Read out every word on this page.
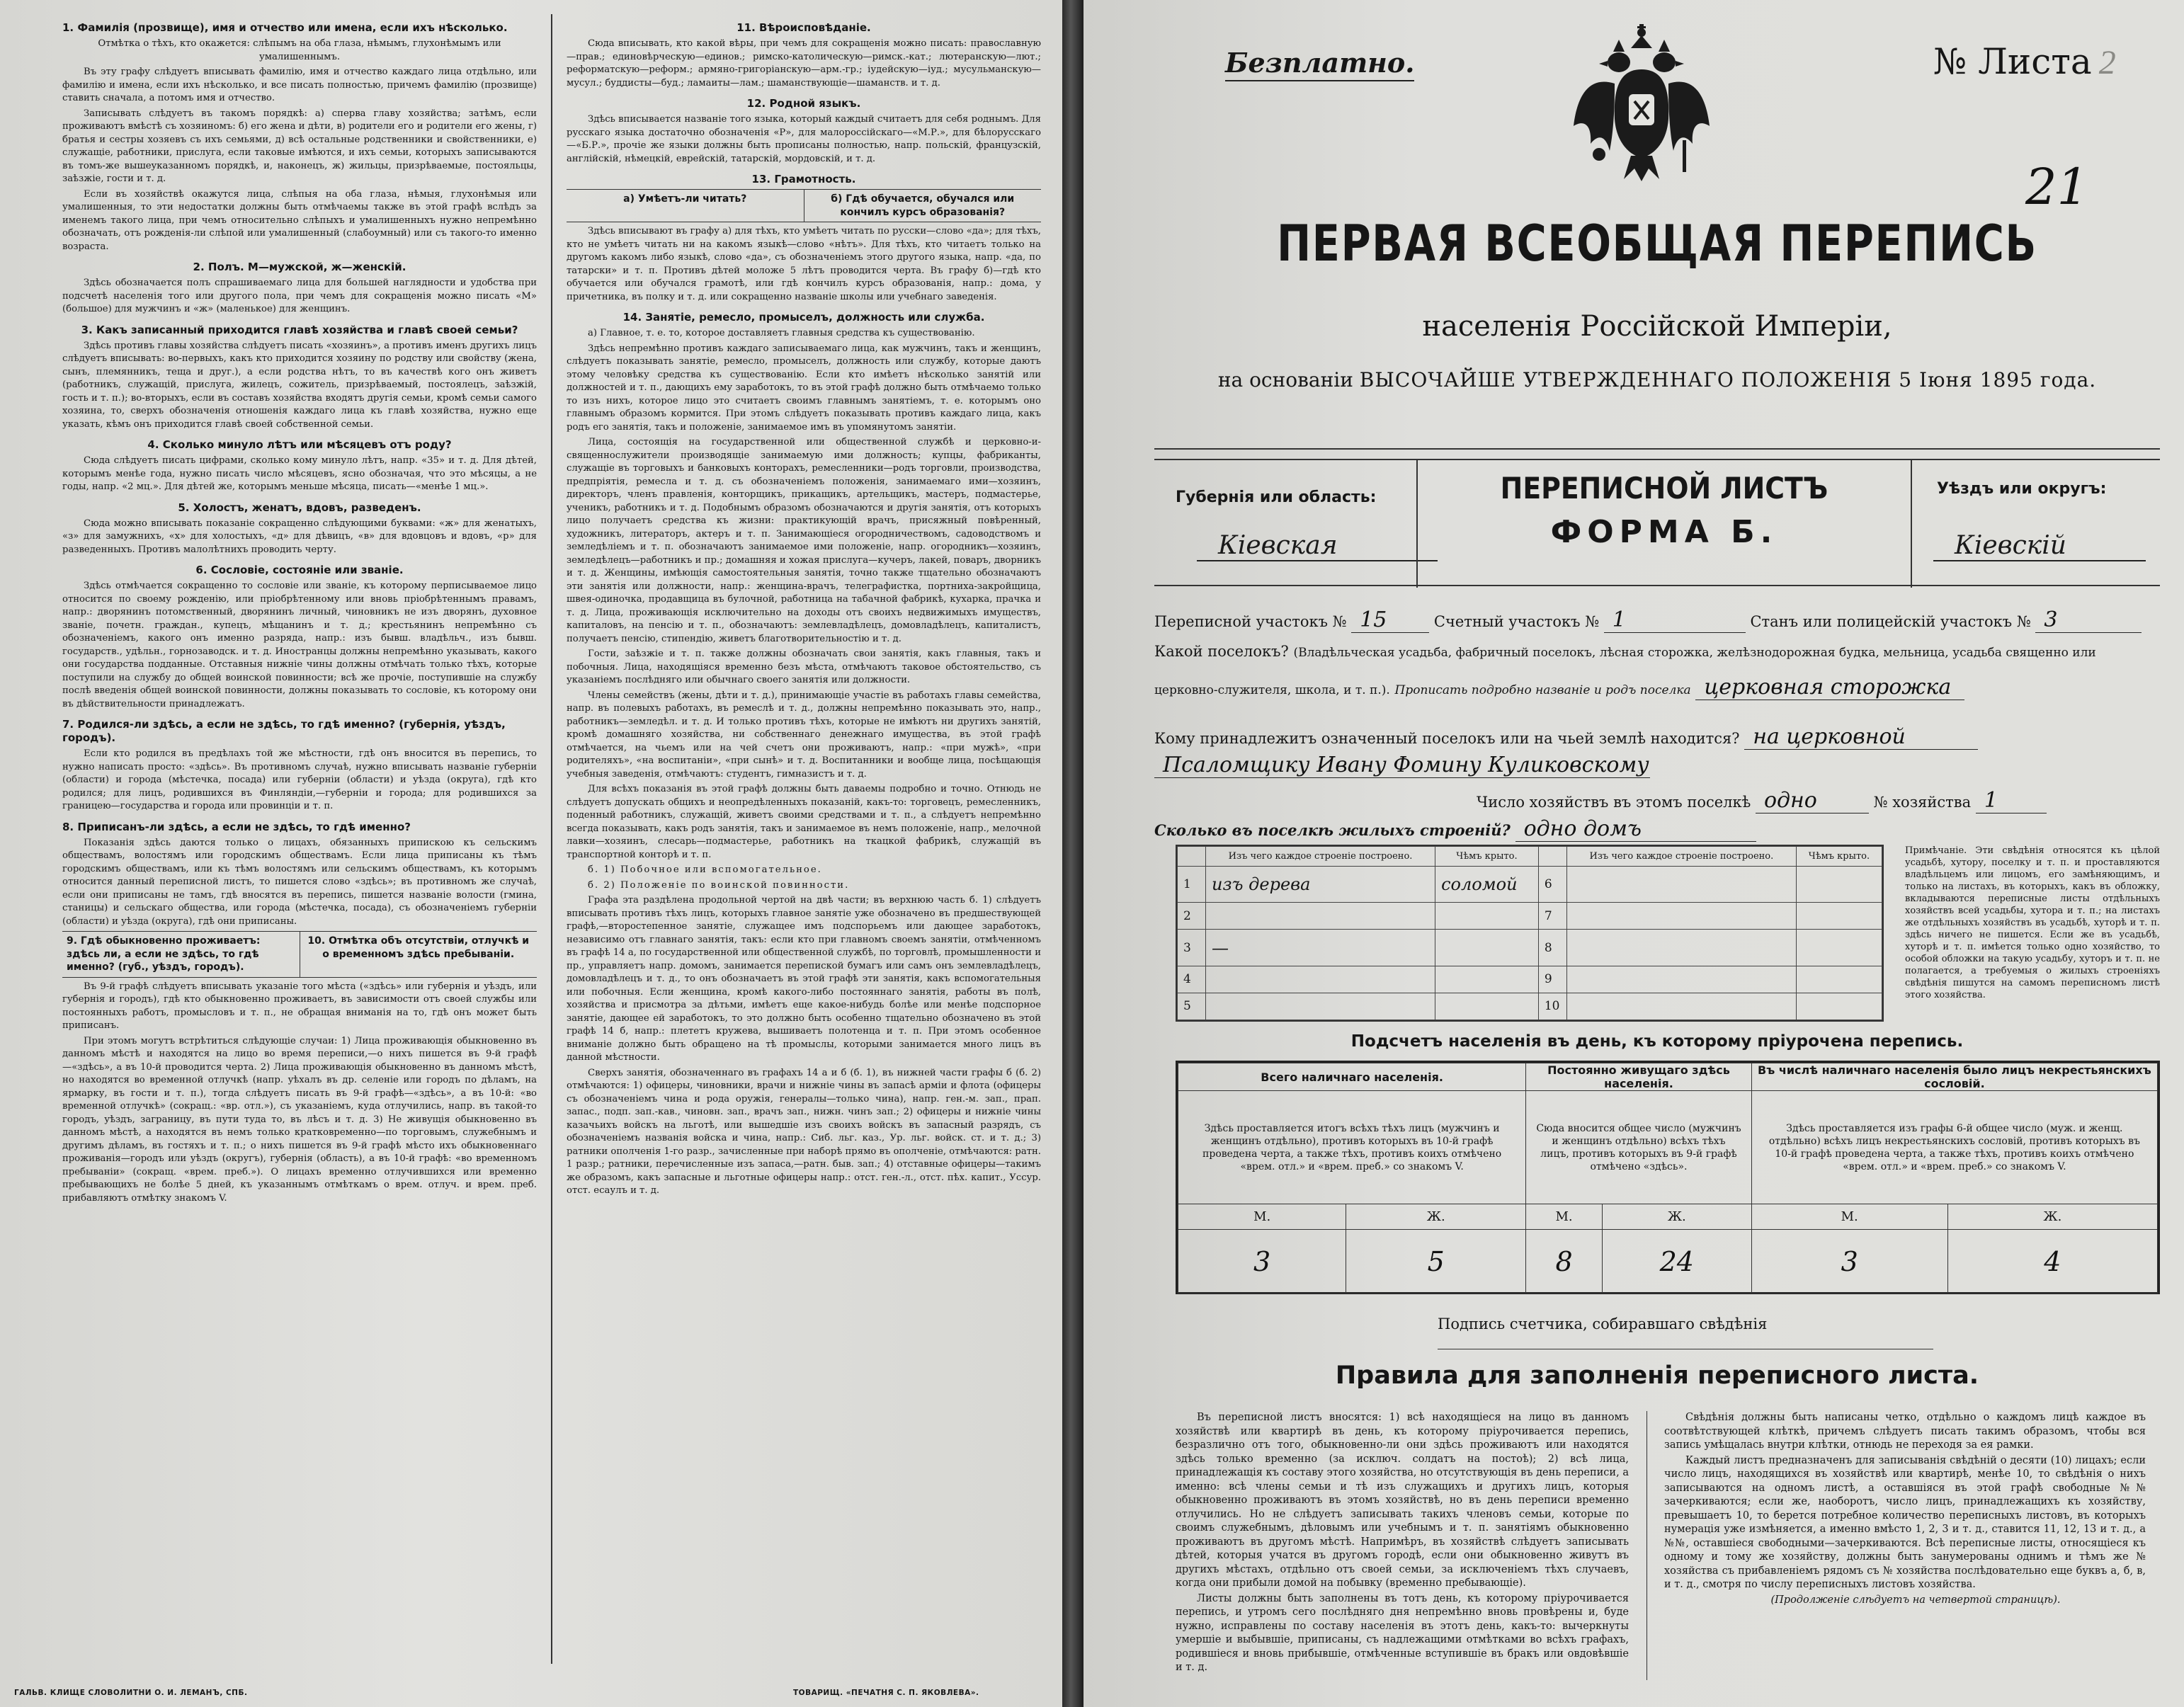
1. Фамилія (прозвище), имя и отчество или имена, если ихъ нѣсколько.

Отмѣтка о тѣхъ, кто окажется: слѣпымъ на оба глаза, нѣмымъ, глухонѣмымъ или умалишеннымъ.

Въ эту графу слѣдуетъ вписывать фамилію, имя и отчество каждаго лица отдѣльно, или фамилію и имена, если ихъ нѣсколько, и все писать полностью, причемъ фамилію (прозвище) ставить сначала, а потомъ имя и отчество.

Записывать слѣдуетъ въ такомъ порядкѣ: а) сперва главу хозяйства; затѣмъ, если проживаютъ вмѣстѣ съ хозяиномъ: б) его жена и дѣти, в) родители его и родители его жены, г) братья и сестры хозяевъ съ ихъ семьями, д) всѣ остальные родственники и свойственники, е) служащіе, работники, прислуга, если таковые имѣются, и ихъ семьи, которыхъ записываются въ томъ-же вышеуказанномъ порядкѣ, и, наконецъ, ж) жильцы, призрѣваемые, постояльцы, заѣзжіе, гости и т. д.

Если въ хозяйствѣ окажутся лица, слѣпыя на оба глаза, нѣмыя, глухонѣмыя или умалишенныя, то эти недостатки должны быть отмѣчаемы также въ этой графѣ вслѣдъ за именемъ такого лица, при чемъ относительно слѣпыхъ и умалишенныхъ нужно непремѣнно обозначать, отъ рожденія-ли слѣпой или умалишенный (слабоумный) или съ такого-то именно возраста.

2. Полъ. М—мужской, ж—женскій.

Здѣсь обозначается полъ спрашиваемаго лица для большей наглядности и удобства при подсчетѣ населенія того или другого пола, при чемъ для сокращенія можно писать «М» (большое) для мужчинъ и «ж» (маленькое) для женщинъ.

3. Какъ записанный приходится главѣ хозяйства и главѣ своей семьи?

Здѣсь противъ главы хозяйства слѣдуетъ писать «хозяинъ», а противъ именъ другихъ лицъ слѣдуетъ вписывать: во-первыхъ, какъ кто приходится хозяину по родству или свойству (жена, сынъ, племянникъ, теща и друг.), а если родства нѣтъ, то въ качествѣ кого онъ живетъ (работникъ, служащій, прислуга, жилецъ, сожитель, призрѣваемый, постоялецъ, заѣзжій, гость и т. п.); во-вторыхъ, если въ составъ хозяйства входятъ другія семьи, кромѣ семьи самого хозяина, то, сверхъ обозначенія отношенія каждаго лица къ главѣ хозяйства, нужно еще указать, кѣмъ онъ приходится главѣ своей собственной семьи.

4. Сколько минуло лѣтъ или мѣсяцевъ отъ роду?

Сюда слѣдуетъ писать цифрами, сколько кому минуло лѣтъ, напр. «35» и т. д. Для дѣтей, которымъ менѣе года, нужно писать число мѣсяцевъ, ясно обозначая, что это мѣсяцы, а не годы, напр. «2 мц.». Для дѣтей же, которымъ меньше мѣсяца, писать—«менѣе 1 мц.».

5. Холостъ, женатъ, вдовъ, разведенъ.

Сюда можно вписывать показаніе сокращенно слѣдующими буквами: «ж» для женатыхъ, «з» для замужнихъ, «х» для холостыхъ, «д» для дѣвицъ, «в» для вдовцовъ и вдовъ, «р» для разведенныхъ. Противъ малолѣтнихъ проводить черту.

6. Сословіе, состояніе или званіе.

Здѣсь отмѣчается сокращенно то сословіе или званіе, къ которому перписываемое лицо относится по своему рожденію, или пріобрѣтенному или вновь пріобрѣтеннымъ правамъ, напр.: дворянинъ потомственный, дворянинъ личный, чиновникъ не изъ дворянъ, духовное званіе, почетн. граждан., купецъ, мѣщанинъ и т. д.; крестьянинъ непремѣнно съ обозначеніемъ, какого онъ именно разряда, напр.: изъ бывш. владѣльч., изъ бывш. государств., удѣльн., горнозаводск. и т. д. Иностранцы должны непремѣнно указывать, какого они государства подданные. Отставныя нижніе чины должны отмѣчать только тѣхъ, которые поступили на службу до общей воинской повинности; всѣ же прочіе, поступившіе на службу послѣ введенія общей воинской повинности, должны показывать то сословіе, къ которому они въ дѣйствительности принадлежатъ.

7. Родился-ли здѣсь, а если не здѣсь, то гдѣ именно? (губернія, уѣздъ, городъ).

Если кто родился въ предѣлахъ той же мѣстности, гдѣ онъ вносится въ перепись, то нужно написать просто: «здѣсь». Въ противномъ случаѣ, нужно вписывать названіе губерніи (области) и города (мѣстечка, посада) или губерніи (области) и уѣзда (округа), гдѣ кто родился; для лицъ, родившихся въ Финляндіи,—губерніи и города; для родившихся за границею—государства и города или провинціи и т. п.

8. Приписанъ-ли здѣсь, а если не здѣсь, то гдѣ именно?

Показанія здѣсь даются только о лицахъ, обязанныхъ припискою къ сельскимъ обществамъ, волостямъ или городскимъ обществамъ. Если лица приписаны къ тѣмъ городскимъ обществамъ, или къ тѣмъ волостямъ или сельскимъ обществамъ, къ которымъ относится данный переписной листъ, то пишется слово «здѣсь»; въ противномъ же случаѣ, если они приписаны не тамъ, гдѣ вносятся въ перепись, пишется названіе волости (гмина, станицы) и сельскаго общества, или города (мѣстечка, посада), съ обозначеніемъ губерніи (области) и уѣзда (округа), гдѣ они приписаны.

9. Гдѣ обыкновенно проживаетъ: здѣсь ли, а если не здѣсь, то гдѣ именно? (губ., уѣздъ, городъ).
10. Отмѣтка объ отсутствіи, отлучкѣ и о временномъ здѣсь пребываніи.

Въ 9-й графѣ слѣдуетъ вписывать указаніе того мѣста («здѣсь» или губернія и уѣздъ, или губернія и городъ), гдѣ кто обыкновенно проживаетъ, въ зависимости отъ своей службы или постоянныхъ работъ, промысловъ и т. п., не обращая вниманія на то, гдѣ онъ может быть приписанъ.

При этомъ могутъ встрѣтиться слѣдующіе случаи: 1) Лица проживающія обыкновенно въ данномъ мѣстѣ и находятся на лицо во время переписи,—о нихъ пишется въ 9-й графѣ—«здѣсь», а въ 10-й проводится черта. 2) Лица проживающія обыкновенно въ данномъ мѣстѣ, но находятся во временной отлучкѣ (напр. уѣхалъ въ др. селеніе или городъ по дѣламъ, на ярмарку, въ гости и т. п.), тогда слѣдуетъ писать въ 9-й графѣ—«здѣсь», а въ 10-й: «во временной отлучкѣ» (сокращ.: «вр. отл.»), съ указаніемъ, куда отлучились, напр. въ такой-то городъ, уѣздъ, заграницу, въ пути туда то, въ лѣсъ и т. д. 3) Не живущія обыкновенно въ данномъ мѣстѣ, а находятся въ немъ только кратковременно—по торговымъ, служебнымъ и другимъ дѣламъ, въ гостяхъ и т. п.; о нихъ пишется въ 9-й графѣ мѣсто ихъ обыкновеннаго проживанія—городъ или уѣздъ (округъ), губернія (область), а въ 10-й графѣ: «во временномъ пребываніи» (сокращ. «врем. преб.»). О лицахъ временно отлучившихся или временно пребывающихъ не болѣе 5 дней, къ указаннымъ отмѣткамъ о врем. отлуч. и врем. преб. прибавляютъ отмѣтку знакомъ V.

11. Вѣроисповѣданіе.

Сюда вписывать, кто какой вѣры, при чемъ для сокращенія можно писать: православную—прав.; единовѣрческую—единов.; римско-католическую—римск.-кат.; лютеранскую—лют.; реформатскую—реформ.; армяно-григоріанскую—арм.-гр.; іудейскую—іуд.; мусульманскую—мусул.; буддисты—буд.; ламаиты—лам.; шаманствующіе—шаманств. и т. д.

12. Родной языкъ.

Здѣсь вписывается названіе того языка, который каждый считаетъ для себя роднымъ. Для русскаго языка достаточно обозначенія «Р», для малороссійскаго—«М.Р.», для бѣлорусскаго—«Б.Р.», прочіе же языки должны быть прописаны полностью, напр. польскій, французскій, англійскій, нѣмецкій, еврейскій, татарскій, мордовскій, и т. д.

13. Грамотность.
а) Умѣетъ-ли читать?	б) Гдѣ обучается, обучался или кончилъ курсъ образованія?

Здѣсь вписывают въ графу а) для тѣхъ, кто умѣетъ читать по русски—слово «да»; для тѣхъ, кто не умѣетъ читать ни на какомъ языкѣ—слово «нѣтъ». Для тѣхъ, кто читаетъ только на другомъ какомъ либо языкѣ, слово «да», съ обозначеніемъ этого другого языка, напр. «да, по татарски» и т. п. Противъ дѣтей моложе 5 лѣтъ проводится черта. Въ графу б)—гдѣ кто обучается или обучался грамотѣ, или гдѣ кончилъ курсъ образованія, напр.: дома, у причетника, въ полку и т. д. или сокращенно названіе школы или учебнаго заведенія.

14. Занятіе, ремесло, промыселъ, должность или служба.

а) Главное, т. е. то, которое доставляетъ главныя средства къ существованію.

Здѣсь непремѣнно противъ каждаго записываемаго лица, как мужчинъ, такъ и женщинъ, слѣдуетъ показывать занятіе, ремесло, промыселъ, должность или службу, которые даютъ этому человѣку средства къ существованію. Если кто имѣетъ нѣсколько занятій или должностей и т. п., дающихъ ему заработокъ, то въ этой графѣ должно быть отмѣчаемо только то изъ нихъ, которое лицо это считаетъ своимъ главнымъ занятіемъ, т. е. которымъ оно главнымъ образомъ кормится. При этомъ слѣдуетъ показывать противъ каждаго лица, какъ родъ его занятія, такъ и положеніе, занимаемое имъ въ упомянутомъ занятіи.

Лица, состоящія на государственной или общественной службѣ и церковно-и-священнослужители производящіе занимаемую ими должность; купцы, фабриканты, служащіе въ торговыхъ и банковыхъ конторахъ, ремесленники—родъ торговли, производства, предпріятія, ремесла и т. д. съ обозначеніемъ положенія, занимаемаго ими—хозяинъ, директоръ, членъ правленія, конторщикъ, прикащикъ, артельщикъ, мастеръ, подмастерье, ученикъ, работникъ и т. д. Подобнымъ образомъ обозначаются и другія занятія, отъ которыхъ лицо получаетъ средства къ жизни: практикующій врачъ, присяжный повѣренный, художникъ, литераторъ, актеръ и т. п. Занимающіеся огородничествомъ, садоводствомъ и земледѣліемъ и т. п. обозначаютъ занимаемое ими положеніе, напр. огородникъ—хозяинъ, земледѣлецъ—работникъ и пр.; домашняя и хожая прислуга—кучеръ, лакей, поваръ, дворникъ и т. д. Женщины, имѣющія самостоятельныя занятія, точно также тщательно обозначаютъ эти занятія или должности, напр.: женщина-врачъ, телеграфистка, портниха-закройщица, швея-одиночка, продавщица въ булочной, работница на табачной фабрикѣ, кухарка, прачка и т. д. Лица, проживающія исключительно на доходы отъ своихъ недвижимыхъ имуществъ, капиталовъ, на пенсію и т. п., обозначаютъ: землевладѣлецъ, домовладѣлецъ, капиталистъ, получаетъ пенсію, стипендію, живетъ благотворительностію и т. д.

Гости, заѣзжіе и т. п. также должны обозначать свои занятія, какъ главныя, такъ и побочныя. Лица, находящіяся временно безъ мѣста, отмѣчаютъ таковое обстоятельство, съ указаніемъ послѣдняго или обычнаго своего занятія или должности.

Члены семействъ (жены, дѣти и т. д.), принимающіе участіе въ работахъ главы семейства, напр. въ полевыхъ работахъ, въ ремеслѣ и т. д., должны непремѣнно показывать это, напр., работникъ—земледѣл. и т. д. И только противъ тѣхъ, которые не имѣютъ ни другихъ занятій, кромѣ домашняго хозяйства, ни собственнаго денежнаго имущества, въ этой графѣ отмѣчается, на чьемъ или на чей счетъ они проживаютъ, напр.: «при мужѣ», «при родителяхъ», «на воспитаніи», «при сынѣ» и т. д. Воспитанники и вообще лица, посѣщающія учебныя заведенія, отмѣчаютъ: студентъ, гимназистъ и т. д.

Для всѣхъ показанія въ этой графѣ должны быть даваемы подробно и точно. Отнюдь не слѣдуетъ допускать общихъ и неопредѣленныхъ показаній, какъ-то: торговецъ, ремесленникъ, поденный работникъ, служащій, живетъ своими средствами и т. п., а слѣдуетъ непремѣнно всегда показывать, какъ родъ занятія, такъ и занимаемое въ немъ положеніе, напр., мелочной лавки—хозяинъ, слесарь—подмастерье, работникъ на ткацкой фабрикѣ, служащій въ транспортной конторѣ и т. п.

б. 1) Побочное или вспомогательное.

б. 2) Положеніе по воинской повинности.

Графа эта раздѣлена продольной чертой на двѣ части; въ верхнюю часть б. 1) слѣдуетъ вписывать противъ тѣхъ лицъ, которыхъ главное занятіе уже обозначено въ предшествующей графѣ,—второстепенное занятіе, служащее имъ подспорьемъ или дающее заработокъ, независимо отъ главнаго занятія, такъ: если кто при главномъ своемъ занятіи, отмѣченномъ въ графѣ 14 а, по государственной или общественной службѣ, по торговлѣ, промышленности и пр., управляетъ напр. домомъ, занимается перепиской бумагъ или самъ онъ землевладѣлецъ, домовладѣлецъ и т. д., то онъ обозначаетъ въ этой графѣ эти занятія, какъ вспомогательныя или побочныя. Если женщина, кромѣ какого-либо постояннаго занятія, работы въ полѣ, хозяйства и присмотра за дѣтьми, имѣетъ еще какое-нибудь болѣе или менѣе подспорное занятіе, дающее ей заработокъ, то это должно быть особенно тщательно обозначено въ этой графѣ 14 б, напр.: плететъ кружева, вышиваетъ полотенца и т. п. При этомъ особенное вниманіе должно быть обращено на тѣ промыслы, которыми занимается много лицъ въ данной мѣстности.

Сверхъ занятія, обозначеннаго въ графахъ 14 а и б (б. 1), въ нижней части графы б (б. 2) отмѣчаются: 1) офицеры, чиновники, врачи и нижніе чины въ запасѣ арміи и флота (офицеры съ обозначеніемъ чина и рода оружія, генералы—только чина), напр. ген.-м. зап., прап. запас., подп. зап.-кав., чиновн. зап., врачъ зап., нижн. чинъ зап.; 2) офицеры и нижніе чины казачьихъ войскъ на льготѣ, или вышедшіе изъ своихъ войскъ въ запасный разрядъ, съ обозначеніемъ названія войска и чина, напр.: Сиб. льг. каз., Ур. льг. войск. ст. и т. д.; 3) ратники ополченія 1-го разр., зачисленные при наборѣ прямо въ ополченіе, отмѣчаются: ратн. 1 разр.; ратники, перечисленные изъ запаса,—ратн. быв. зап.; 4) отставные офицеры—такимъ же образомъ, какъ запасные и льготные офицеры напр.: отст. ген.-л., отст. пѣх. капит., Уссур. отст. есаулъ и т. д.

ГАЛЬВ. КЛИЩЕ СЛОВОЛИТНИ О. И. ЛЕМАНЪ, СПБ.	ТОВАРИЩ. «ПЕЧАТНЯ С. П. ЯКОВЛЕВА».
Безплатно.	№ Листа 2
21
ПЕРВАЯ ВСЕОБЩАЯ ПЕРЕПИСЬ
населенія Россійской Имперіи,
на основаніи ВЫСОЧАЙШЕ УТВЕРЖДЕННАГО ПОЛОЖЕНІЯ 5 Іюня 1895 года.
Губернія или область:
Кіевская
ПЕРЕПИСНОЙ ЛИСТЪ
ФОРМА Б.
Уѣздъ или округъ:
Кіевскій
Переписной участокъ № 15	Счетный участокъ № 1	Станъ или полицейскій участокъ № 3
Какой поселокъ? (Владѣльческая усадьба, фабричный поселокъ, лѣсная сторожка, желѣзнодорожная будка, мельница, усадьба священно или
церковно-служителя, школа, и т. п.). Прописать подробно названіе и родъ поселка церковная сторожка
Кому принадлежитъ означенный поселокъ или на чьей землѣ находится? на церковной
Псаломщику Ивану Фомину Куликовскому
Число хозяйствъ въ этомъ поселкѣ одно	№ хозяйства 1
Сколько въ поселкѣ жилыхъ строеній? одно домъ
	Изъ чего каждое строеніе построено.	Чѣмъ крыто.		Изъ чего каждое строеніе построено.	Чѣмъ крыто.
1	изъ дерева	соломой	6		
2			7		
3	—		8		
4			9		
5			10		
Примѣчаніе. Эти свѣдѣнія относятся къ цѣлой усадьбѣ, хутору, поселку и т. п. и проставляются владѣльцемъ или лицомъ, его замѣняющимъ, и только на листахъ, въ которыхъ, какъ въ обложку, вкладываются переписные листы отдѣльныхъ хозяйствъ всей усадьбы, хутора и т. п.; на листахъ же отдѣльныхъ хозяйствъ въ усадьбѣ, хуторѣ и т. п. здѣсь ничего не пишется. Если же въ усадьбѣ, хуторѣ и т. п. имѣется только одно хозяйство, то особой обложки на такую усадьбу, хуторъ и т. п. не полагается, а требуемыя о жилыхъ строеніяхъ свѣдѣнія пишутся на самомъ переписномъ листѣ этого хозяйства.
Подсчетъ населенія въ день, къ которому пріурочена перепись.
Всего наличнаго населенія.		Постоянно живущаго здѣсь населенія.		Въ числѣ наличнаго населенія было лицъ некрестьянскихъ сословій.	
Здѣсь проставляется итогъ всѣхъ тѣхъ лицъ (мужчинъ и женщинъ отдѣльно), противъ которыхъ въ 10-й графѣ проведена черта, а также тѣхъ, противъ коихъ отмѣчено «врем. отл.» и «врем. преб.» со знакомъ V.		Сюда вносится общее число (мужчинъ и женщинъ отдѣльно) всѣхъ тѣхъ лицъ, противъ которыхъ въ 9-й графѣ отмѣчено «здѣсь».		Здѣсь проставляется изъ графы 6-й общее число (муж. и женщ. отдѣльно) всѣхъ лицъ некрестьянскихъ сословій, противъ которыхъ въ 10-й графѣ проведена черта, а также тѣхъ, противъ коихъ отмѣчено «врем. отл.» и «врем. преб.» со знакомъ V.	
М.	Ж.	М.	Ж.	М.	Ж.
3	5	8	24	3	4
Подпись счетчика, собиравшаго свѣдѣнія
Правила для заполненія переписного листа.

Въ переписной листъ вносятся: 1) всѣ находящіеся на лицо въ данномъ хозяйствѣ или квартирѣ въ день, къ которому пріурочивается перепись, безразлично отъ того, обыкновенно-ли они здѣсь проживаютъ или находятся здѣсь только временно (за исключ. солдатъ на постоѣ); 2) всѣ лица, принадлежащія къ составу этого хозяйства, но отсутствующія въ день переписи, а именно: всѣ члены семьи и тѣ изъ служащихъ и другихъ лицъ, которыя обыкновенно проживаютъ въ этомъ хозяйствѣ, но въ день переписи временно отлучились. Но не слѣдуетъ записывать такихъ членовъ семьи, которые по своимъ служебнымъ, дѣловымъ или учебнымъ и т. п. занятіямъ обыкновенно проживаютъ въ другомъ мѣстѣ. Напримѣръ, въ хозяйствѣ слѣдуетъ записывать дѣтей, которыя учатся въ другомъ городѣ, если они обыкновенно живутъ въ другихъ мѣстахъ, отдѣльно отъ своей семьи, за исключеніемъ тѣхъ случаевъ, когда они прибыли домой на побывку (временно пребывающіе).

Листы должны быть заполнены въ тотъ день, къ которому пріурочивается перепись, и утромъ сего послѣдняго дня непремѣнно вновь провѣрены и, буде нужно, исправлены по составу населенія въ этотъ день, какъ-то: вычеркнуты умершіе и выбывшіе, приписаны, съ надлежащими отмѣтками во всѣхъ графахъ, родившіеся и вновь прибывшіе, отмѣченные вступившіе въ бракъ или овдовѣвшіе и т. д.

Свѣдѣнія должны быть написаны четко, отдѣльно о каждомъ лицѣ каждое въ соотвѣтствующей клѣткѣ, причемъ слѣдуетъ писать такимъ образомъ, чтобы вся запись умѣщалась внутри клѣтки, отнюдь не переходя за ея рамки.

Каждый листъ предназначенъ для записыванія свѣдѣній о десяти (10) лицахъ; если число лицъ, находящихся въ хозяйствѣ или квартирѣ, менѣе 10, то свѣдѣнія о нихъ записываются на одномъ листѣ, а оставшіяся въ этой графѣ свободные №№ зачеркиваются; если же, наоборотъ, число лицъ, принадлежащихъ къ хозяйству, превышаетъ 10, то берется потребное количество переписныхъ листовъ, въ которыхъ нумерація уже измѣняется, а именно вмѣсто 1, 2, 3 и т. д., ставится 11, 12, 13 и т. д., а №№, оставшіеся свободными—зачеркиваются. Всѣ переписные листы, относящіеся къ одному и тому же хозяйству, должны быть занумерованы однимъ и тѣмъ же № хозяйства съ прибавленіемъ рядомъ съ № хозяйства послѣдовательно еще буквъ а, б, в, и т. д., смотря по числу переписныхъ листовъ хозяйства.

(Продолженіе слѣдуетъ на четвертой страницѣ).
